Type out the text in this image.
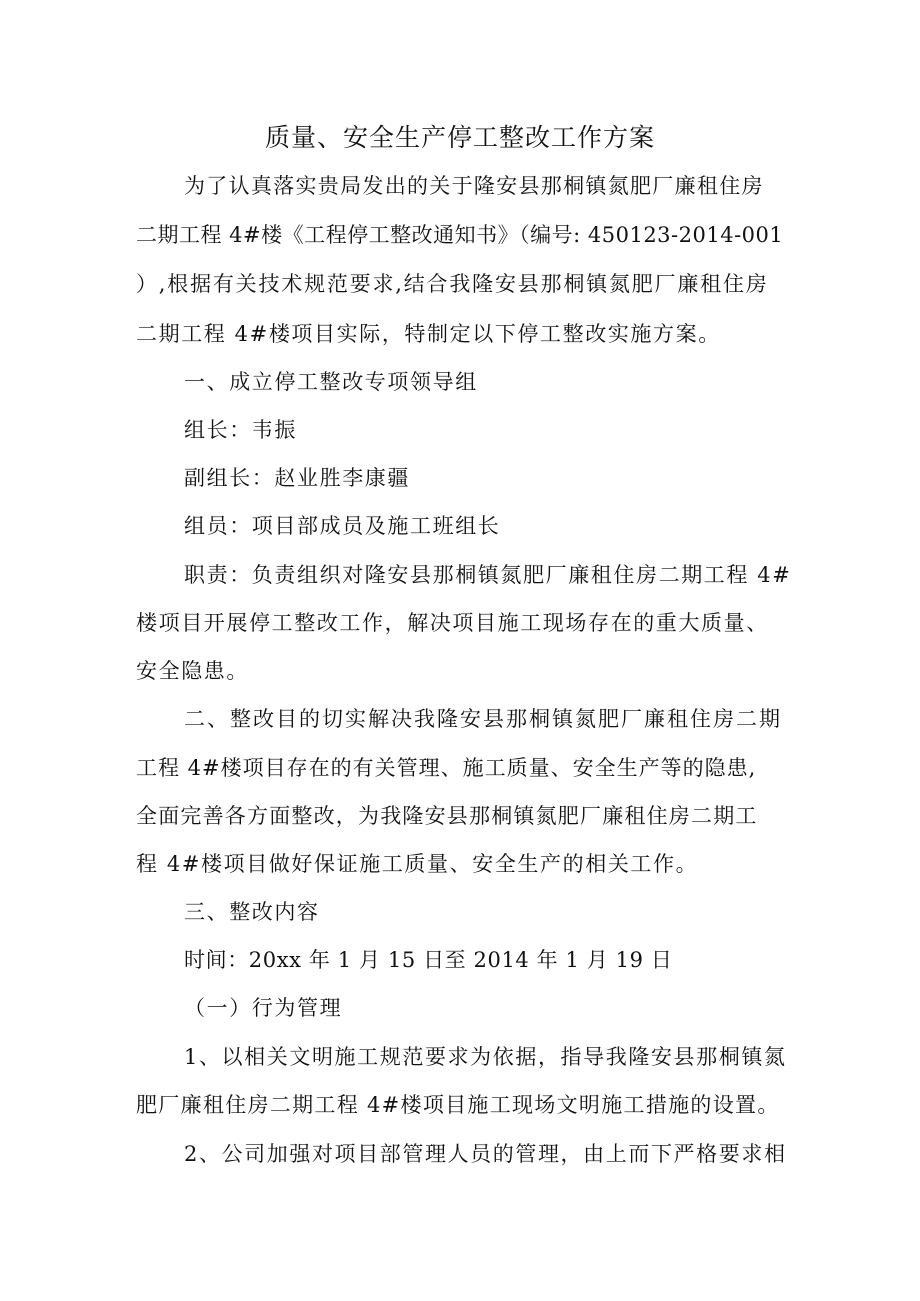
质量、安全生产停工整改工作方案

为了认真落实贵局发出的关于隆安县那桐镇氮肥厂廉租住房

二期工程 4#楼《工程停工整改通知书》（编号: 450123-2014-001

）,根据有关技术规范要求,结合我隆安县那桐镇氮肥厂廉租住房

二期工程 4#楼项目实际，特制定以下停工整改实施方案。

一、成立停工整改专项领导组

组长：韦振

副组长：赵业胜李康疆

组员：项目部成员及施工班组长

职责：负责组织对隆安县那桐镇氮肥厂廉租住房二期工程 4#

楼项目开展停工整改工作，解决项目施工现场存在的重大质量、

安全隐患。

二、整改目的切实解决我隆安县那桐镇氮肥厂廉租住房二期

工程 4#楼项目存在的有关管理、施工质量、安全生产等的隐患,

全面完善各方面整改，为我隆安县那桐镇氮肥厂廉租住房二期工

程 4#楼项目做好保证施工质量、安全生产的相关工作。

三、整改内容

时间：20xx 年 1 月 15 日至 2014 年 1 月 19 日

（一）行为管理

1、以相关文明施工规范要求为依据，指导我隆安县那桐镇氮

肥厂廉租住房二期工程 4#楼项目施工现场文明施工措施的设置。

2、公司加强对项目部管理人员的管理，由上而下严格要求相
